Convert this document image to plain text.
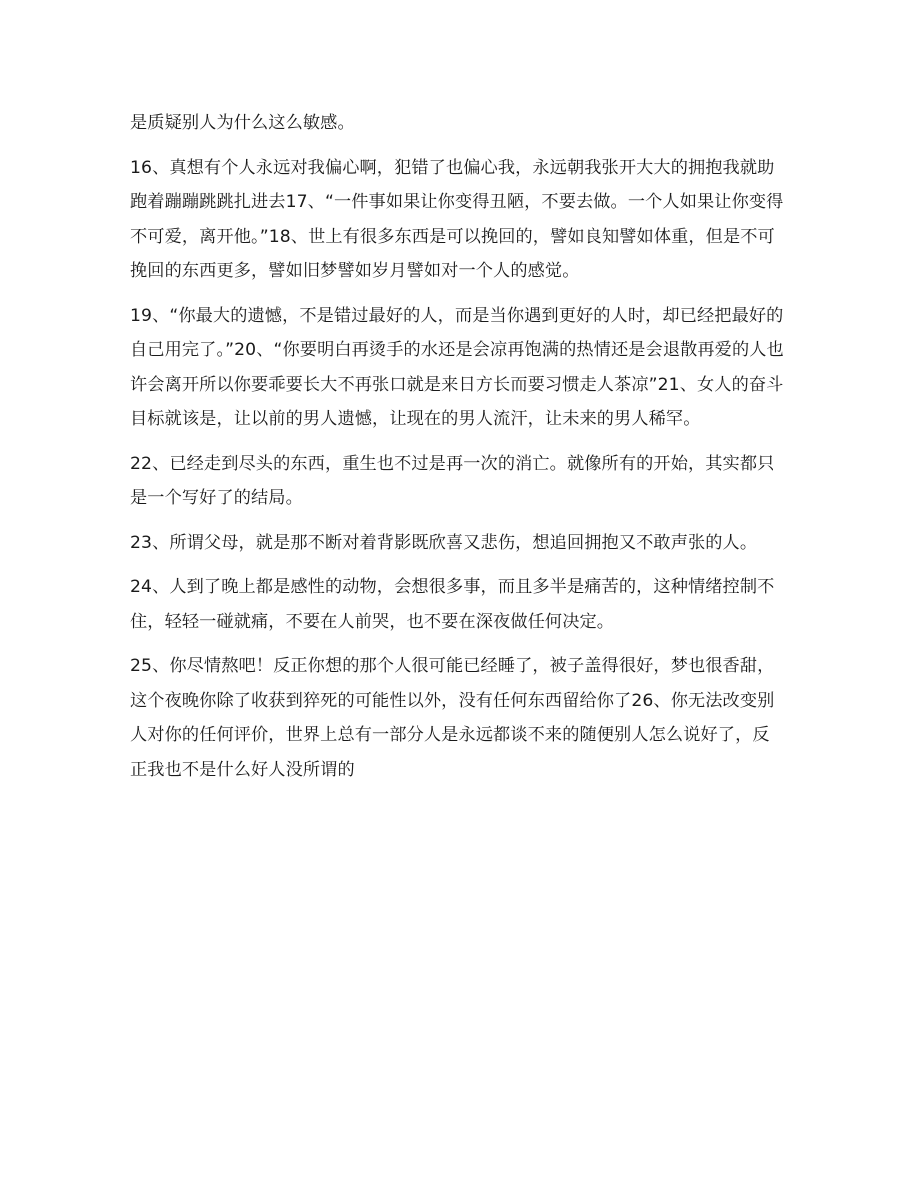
是质疑别人为什么这么敏感。

16、真想有个人永远对我偏心啊，犯错了也偏心我，永远朝我张开大大的拥抱我就助跑着蹦蹦跳跳扎进去17、“一件事如果让你变得丑陋，不要去做。一个人如果让你变得不可爱，离开他。”18、世上有很多东西是可以挽回的，譬如良知譬如体重，但是不可挽回的东西更多，譬如旧梦譬如岁月譬如对一个人的感觉。

19、“你最大的遗憾，不是错过最好的人，而是当你遇到更好的人时，却已经把最好的自己用完了。”20、“你要明白再烫手的水还是会凉再饱满的热情还是会退散再爱的人也许会离开所以你要乖要长大不再张口就是来日方长而要习惯走人茶凉”21、女人的奋斗目标就该是，让以前的男人遗憾，让现在的男人流汗，让未来的男人稀罕。

22、已经走到尽头的东西，重生也不过是再一次的消亡。就像所有的开始，其实都只是一个写好了的结局。

23、所谓父母，就是那不断对着背影既欣喜又悲伤，想追回拥抱又不敢声张的人。

24、人到了晚上都是感性的动物，会想很多事，而且多半是痛苦的，这种情绪控制不住，轻轻一碰就痛，不要在人前哭，也不要在深夜做任何决定。

25、你尽情熬吧！反正你想的那个人很可能已经睡了，被子盖得很好，梦也很香甜，这个夜晚你除了收获到猝死的可能性以外，没有任何东西留给你了26、你无法改变别人对你的任何评价，世界上总有一部分人是永远都谈不来的随便别人怎么说好了，反正我也不是什么好人没所谓的
